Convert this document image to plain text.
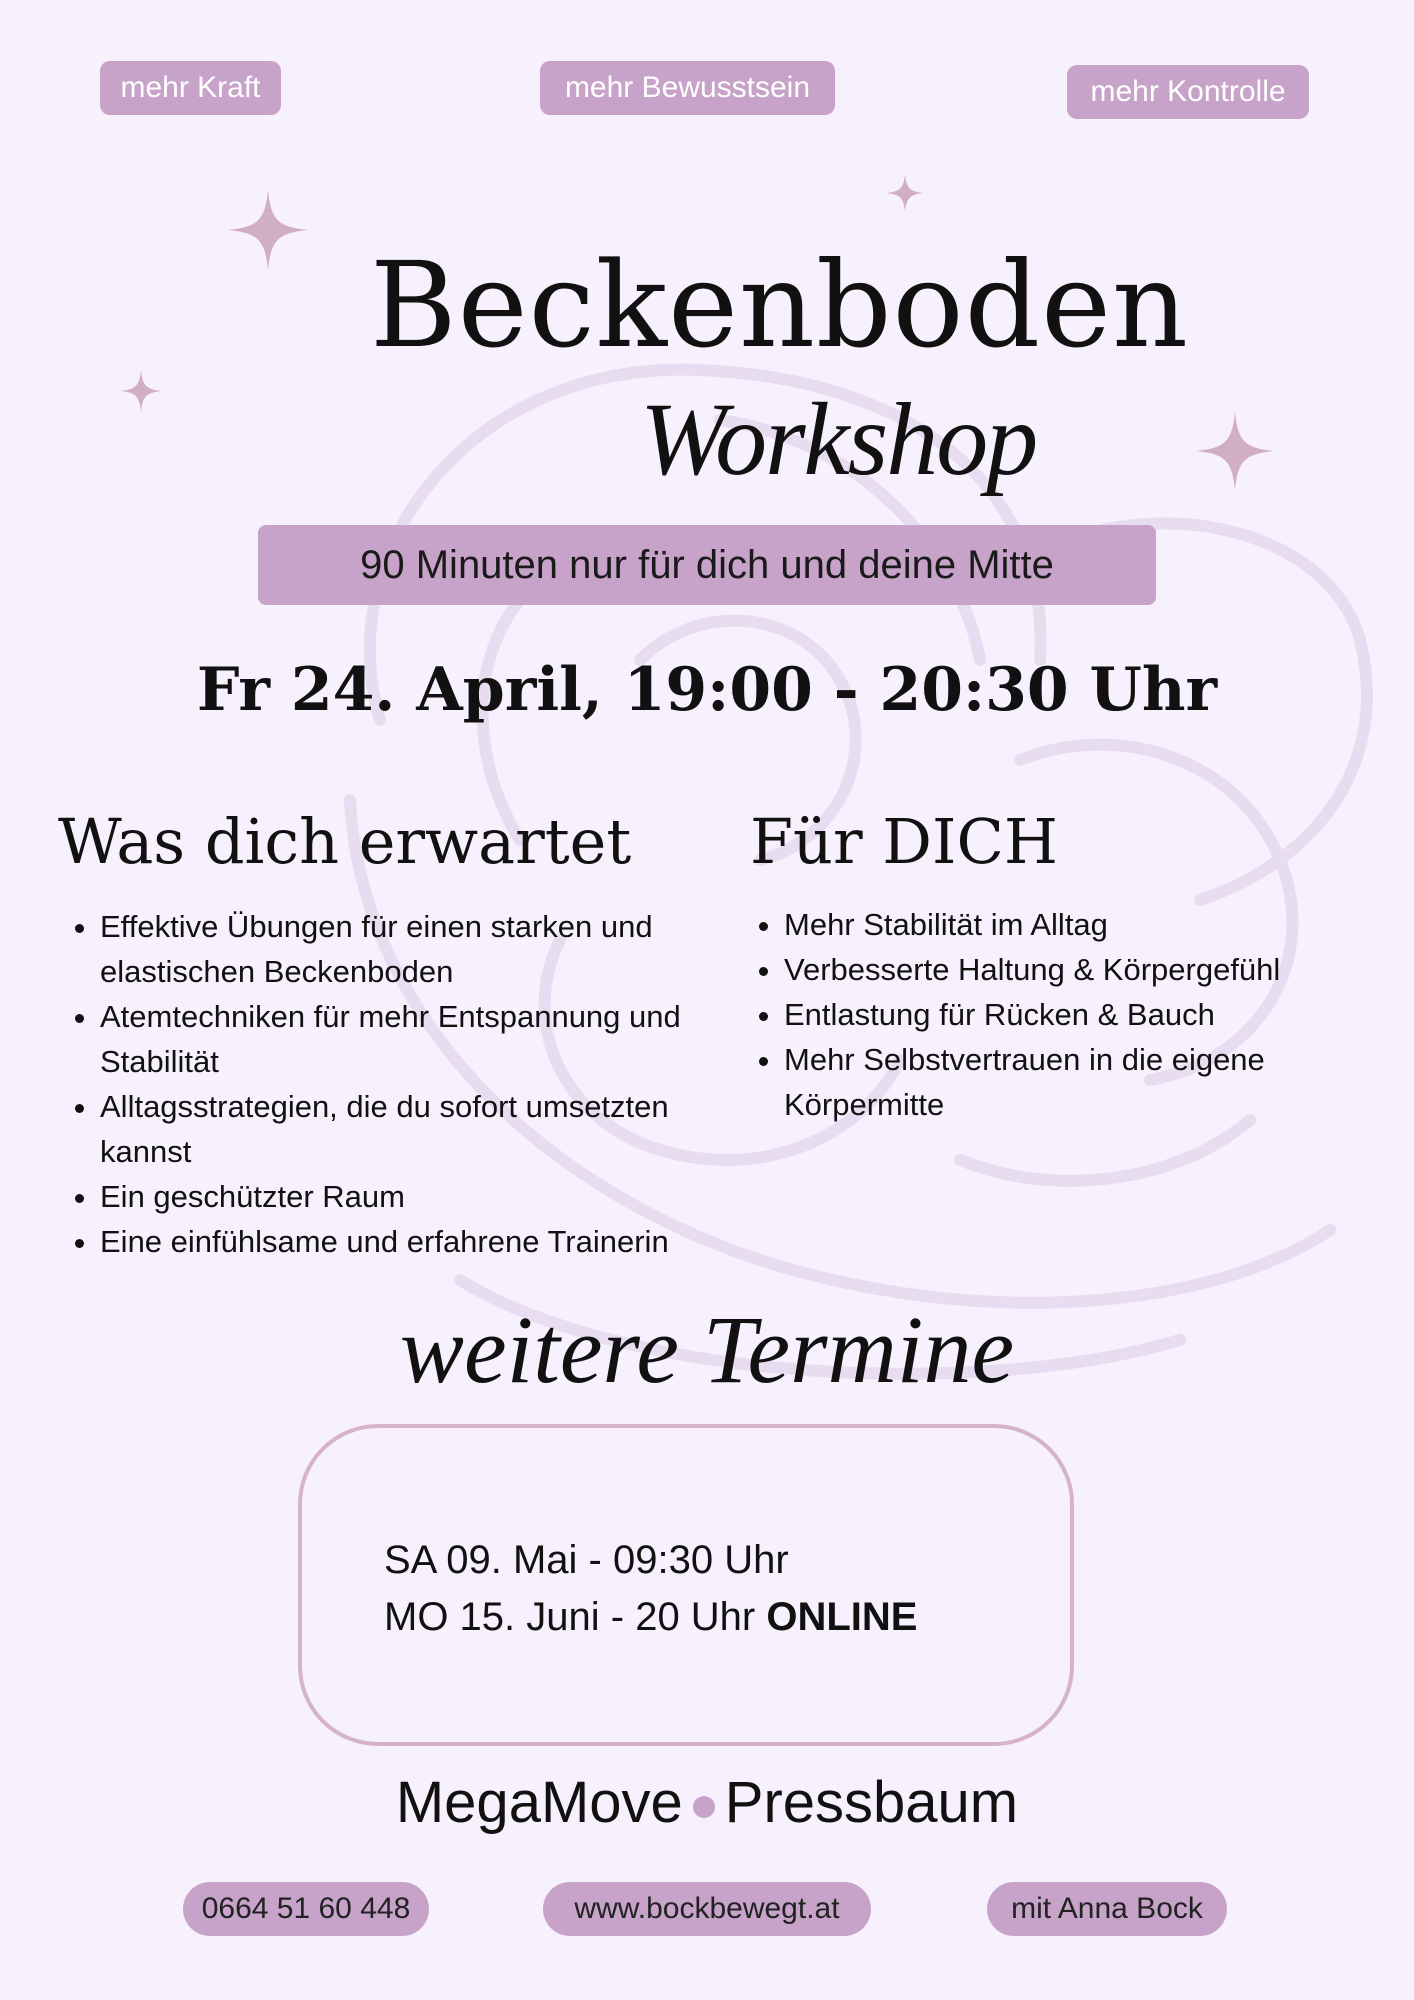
mehr Kraft	mehr Bewusstsein	mehr Kontrolle
Beckenboden
Workshop
90 Minuten nur für dich und deine Mitte
Fr 24. April, 19:00 - 20:30 Uhr
Was dich erwartet
• Effektive Übungen für einen starken und elastischen Beckenboden
• Atemtechniken für mehr Entspannung und Stabilität
• Alltagsstrategien, die du sofort umsetzten kannst
• Ein geschützter Raum
• Eine einfühlsame und erfahrene Trainerin
Für DICH
• Mehr Stabilität im Alltag
• Verbesserte Haltung & Körpergefühl
• Entlastung für Rücken & Bauch
• Mehr Selbstvertrauen in die eigene Körpermitte
weitere Termine
SA 09. Mai - 09:30 Uhr
MO 15. Juni - 20 Uhr ONLINE
MegaMove Pressbaum
0664 51 60 448	www.bockbewegt.at	mit Anna Bock
